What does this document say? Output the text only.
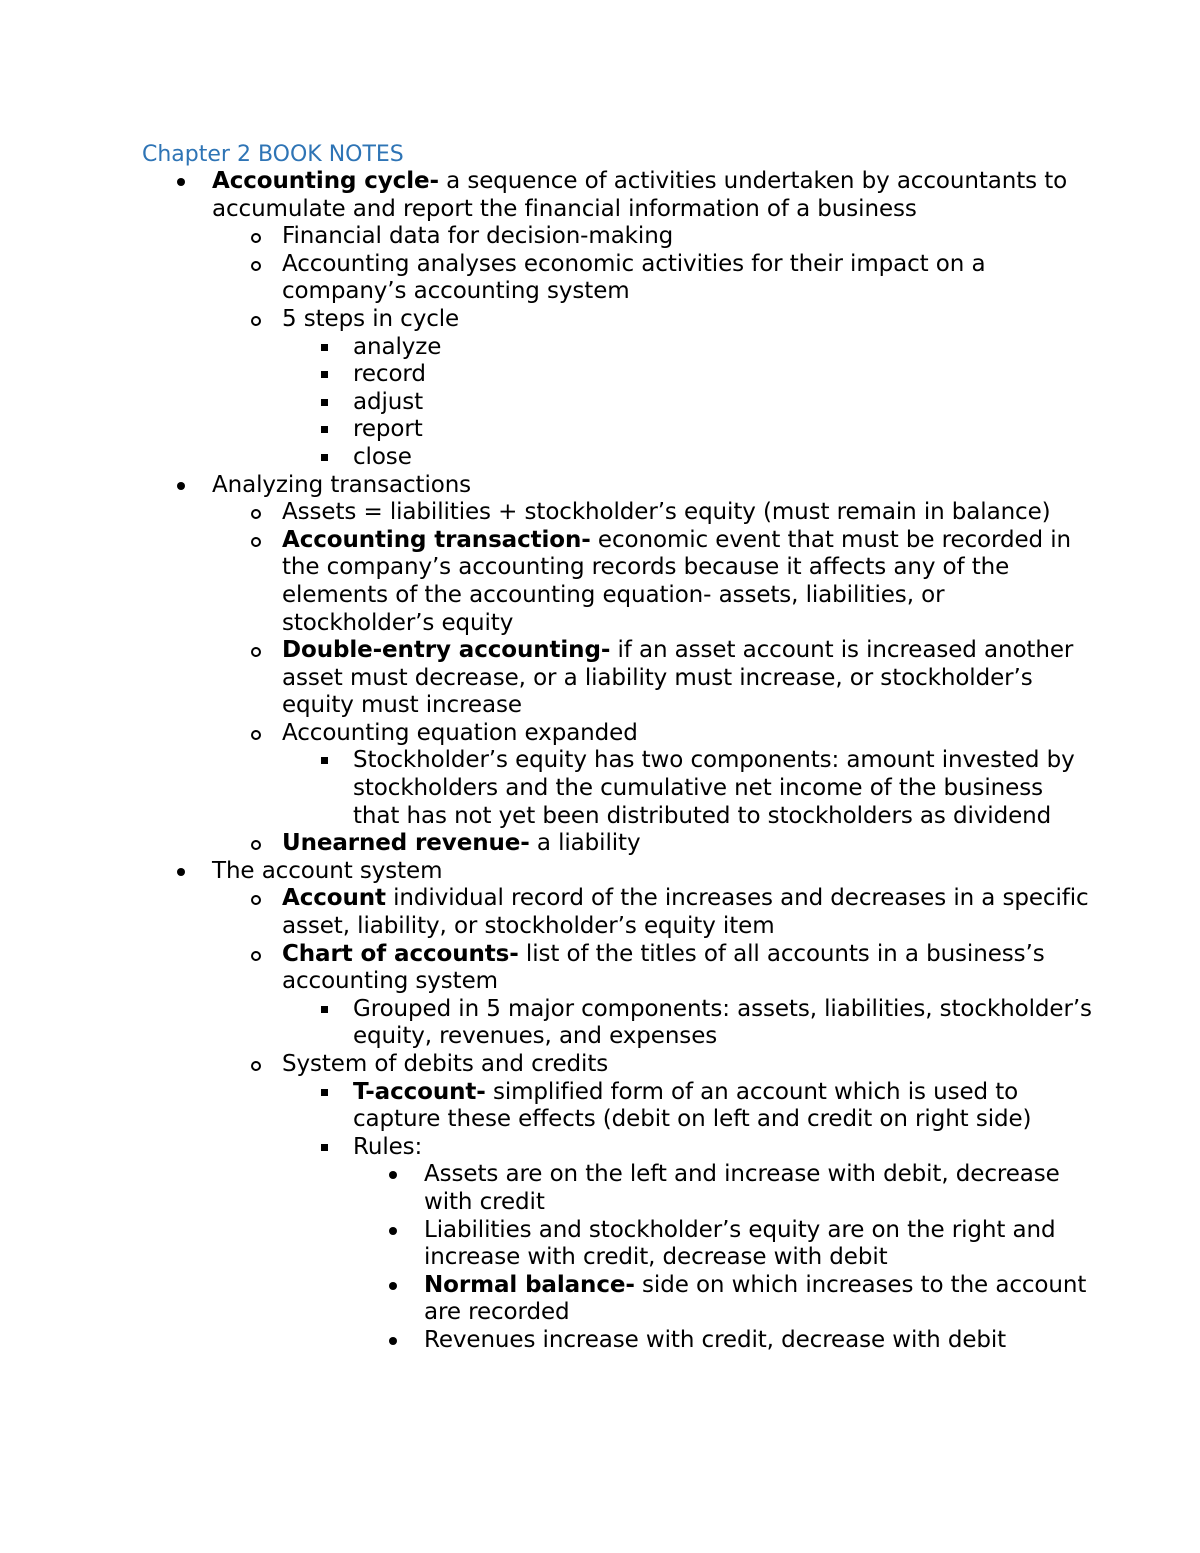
Chapter 2 BOOK NOTES
Accounting cycle- a sequence of activities undertaken by accountants to accumulate and report the financial information of a business
Financial data for decision-making
Accounting analyses economic activities for their impact on a company’s accounting system
5 steps in cycle
analyze
record
adjust
report
close
Analyzing transactions
Assets = liabilities + stockholder’s equity (must remain in balance)
Accounting transaction- economic event that must be recorded in the company’s accounting records because it affects any of the elements of the accounting equation- assets, liabilities, or stockholder’s equity
Double-entry accounting- if an asset account is increased another asset must decrease, or a liability must increase, or stockholder’s equity must increase
Accounting equation expanded
Stockholder’s equity has two components: amount invested by stockholders and the cumulative net income of the business that has not yet been distributed to stockholders as dividend
Unearned revenue- a liability
The account system
Account individual record of the increases and decreases in a specific asset, liability, or stockholder’s equity item
Chart of accounts- list of the titles of all accounts in a business’s accounting system
Grouped in 5 major components: assets, liabilities, stockholder’s equity, revenues, and expenses
System of debits and credits
T-account- simplified form of an account which is used to capture these effects (debit on left and credit on right side)
Rules:
Assets are on the left and increase with debit, decrease with credit
Liabilities and stockholder’s equity are on the right and increase with credit, decrease with debit
Normal balance- side on which increases to the account are recorded
Revenues increase with credit, decrease with debit
